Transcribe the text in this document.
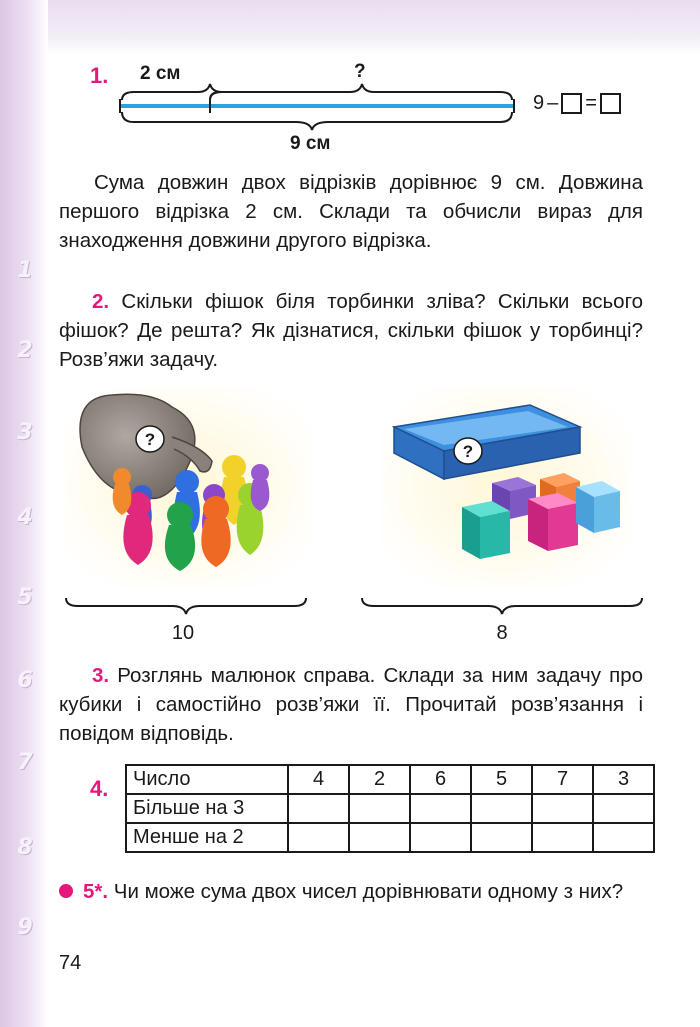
1
2
3
4
5
6
7
8
9
1. 2 см	?
9 см
9 – =

Сума довжин двох відрізків дорівнює 9 см. Довжина першого відрізка 2 см. Склади та обчисли вираз для знаходження довжини другого відрізка.

2. Скільки фішок біля торбинки зліва? Скільки всього фішок? Де решта? Як дізнатися, скільки фішок у торбинці? Розв’яжи задачу.

?
?
10	8

3. Розглянь малюнок справа. Склади за ним задачу про кубики і самостійно розв’яжи її. Прочитай розв’язання і повідом відповідь.

4. Число	4	2	6	5	7	3
Більше на 3						
Менше на 2						

5*. Чи може сума двох чисел дорівнювати одному з них?

74
